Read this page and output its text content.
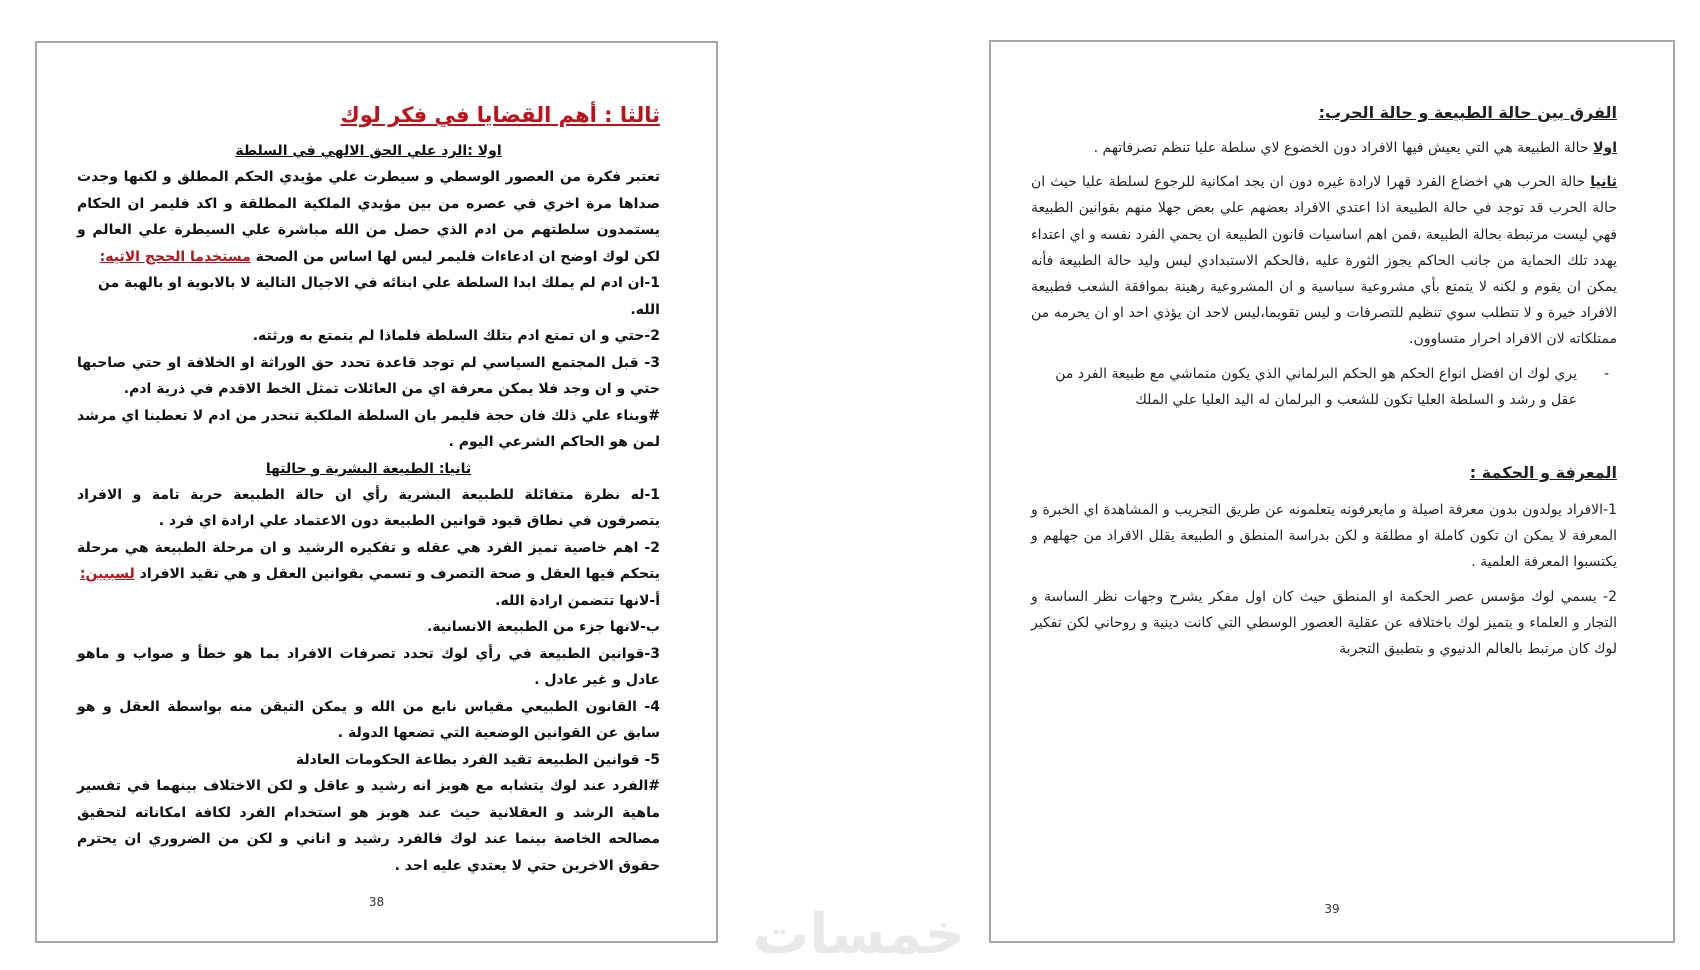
ثالثا : أهم القضايا في فكر لوك
اولا :الرد علي الحق الالهي في السلطة

تعتبر فكرة من العصور الوسطي و سيطرت علي مؤيدي الحكم المطلق و لكنها وجدت صداها مرة اخري في عصره من بين مؤيدي الملكية المطلقة و اكد فليمر ان الحكام يستمدون سلطتهم من ادم الذي حصل من الله مباشرة علي السيطرة علي العالم و لكن لوك اوضح ان ادعاءات فليمر ليس لها اساس من الصحة مستخدما الحجج الاتيه:

1-ان ادم لم يملك ابدا السلطة علي ابنائه في الاجيال التالية لا بالابوية او بالهبة من الله.

2-حتي و ان تمتع ادم بتلك السلطة فلماذا لم يتمتع به ورثته.

3- قبل المجتمع السياسي لم توجد قاعدة تحدد حق الوراثة او الخلافة او حتي صاحبها حتي و ان وجد فلا يمكن معرفة اي من العائلات تمثل الخط الاقدم في ذرية ادم.

#وبناء علي ذلك فان حجة فليمر بان السلطة الملكية تنحدر من ادم لا تعطينا اي مرشد لمن هو الحاكم الشرعي اليوم .

ثانيا: الطبيعة البشرية و حالتها

1-له نظرة متفائلة للطبيعة البشرية رأي ان حالة الطبيعة حرية تامة و الافراد يتصرفون في نطاق قيود قوانين الطبيعة دون الاعتماد علي ارادة اي فرد .

2- اهم خاصية تميز الفرد هي عقله و تفكيره الرشيد و ان مرحلة الطبيعة هي مرحلة يتحكم فيها العقل و صحة التصرف و تسمي بقوانين العقل و هي تقيد الافراد لسببين:

أ-لانها تتضمن ارادة الله.

ب-لانها جزء من الطبيعة الانسانية.

3-قوانين الطبيعة في رأي لوك تحدد تصرفات الافراد بما هو خطأ و صواب و ماهو عادل و غير عادل .

4- القانون الطبيعي مقياس نابع من الله و يمكن التيقن منه بواسطة العقل و هو سابق عن القوانين الوضعية التي تضعها الدولة .

5- قوانين الطبيعة تقيد الفرد بطاعة الحكومات العادلة

#الفرد عند لوك يتشابه مع هوبز انه رشيد و عاقل و لكن الاختلاف بينهما في تفسير ماهية الرشد و العقلانية حيث عند هوبز هو استخدام الفرد لكافة امكاناته لتحقيق مصالحه الخاصة بينما عند لوك فالفرد رشيد و اناني و لكن من الضروري ان يحترم حقوق الاخرين حتي لا يعتدي عليه احد .

38
الفرق بين حالة الطبيعة و حالة الحرب:

اولا حالة الطبيعة هي التي يعيش فيها الافراد دون الخضوع لاي سلطة عليا تنظم تصرفاتهم .

ثانيا حالة الحرب هي اخضاع الفرد قهرا لارادة غيره دون ان يجد امكانية للرجوع لسلطة عليا حيث ان حالة الحرب قد توجد في حالة الطبيعة اذا اعتدي الافراد بعضهم علي بعض جهلا منهم بقوانين الطبيعة فهي ليست مرتبطة بحالة الطبيعة ،فمن اهم اساسيات قانون الطبيعة ان يحمي الفرد نفسه و اي اعتداء يهدد تلك الحماية من جانب الحاكم يجوز الثورة عليه ،فالحكم الاستبدادي ليس وليد حالة الطبيعة فأنه يمكن ان يقوم و لكنه لا يتمتع بأي مشروعية سياسية و ان المشروعية رهينة بموافقة الشعب فطبيعة الافراد خيرة و لا تتطلب سوي تنظيم للتصرفات و ليس تقويما،ليس لاحد ان يؤذي احد او ان يحرمه من ممتلكاته لان الافراد احرار متساوون.

-
يري لوك ان افضل انواع الحكم هو الحكم البرلماني الذي يكون متماشي مع طبيعة الفرد من عقل و رشد و السلطة العليا تكون للشعب و البرلمان له اليد العليا علي الملك

المعرفة و الحكمة :

1-الافراد يولدون بدون معرفة اصيلة و مايعرفونه يتعلمونه عن طريق التجريب و المشاهدة اي الخبرة و المعرفة لا يمكن ان تكون كاملة او مطلقة و لكن بدراسة المنطق و الطبيعة يقلل الافراد من جهلهم و يكتسبوا المعرفة العلمية .

2- يسمي لوك مؤسس عصر الحكمة او المنطق حيث كان اول مفكر يشرح وجهات نظر الساسة و التجار و العلماء و يتميز لوك باختلافه عن عقلية العصور الوسطي التي كانت دينية و روحاني لكن تفكير لوك كان مرتبط بالعالم الدنيوي و بتطبيق التجربة

39
خمسات
